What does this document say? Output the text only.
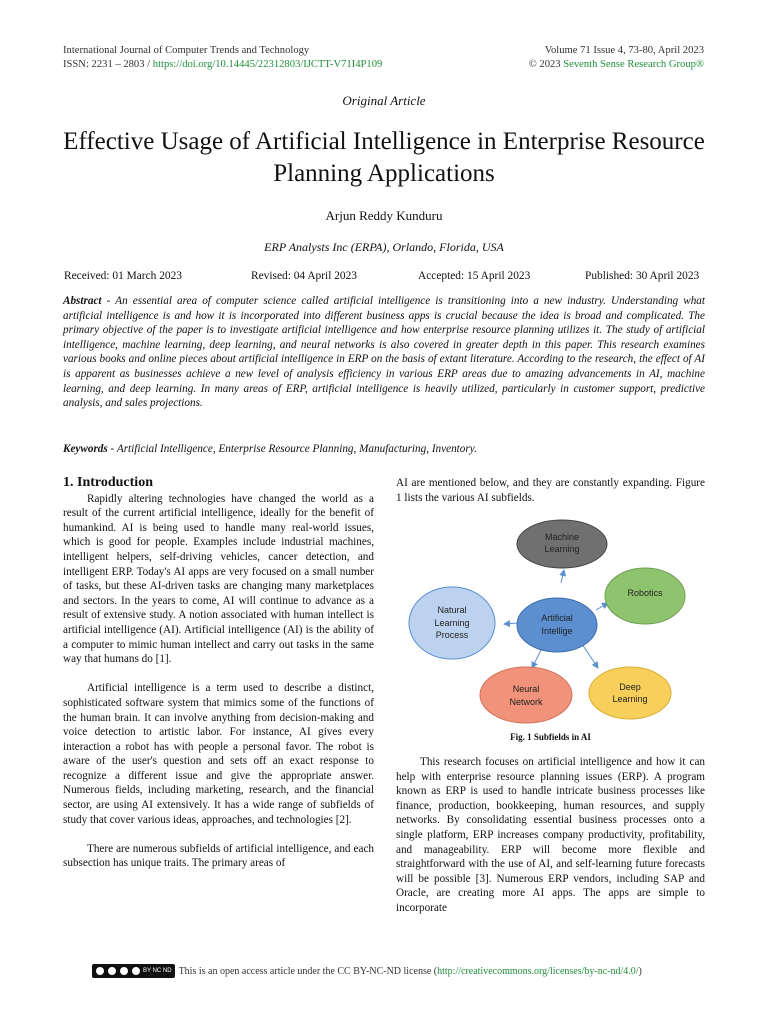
International Journal of Computer Trends and Technology
ISSN: 2231 – 2803 / https://doi.org/10.14445/22312803/IJCTT-V71I4P109
Volume 71 Issue 4, 73-80, April 2023
© 2023 Seventh Sense Research Group®
Original Article
Effective Usage of Artificial Intelligence in Enterprise Resource Planning Applications
Arjun Reddy Kunduru
ERP Analysts Inc (ERPA), Orlando, Florida, USA
Received: 01 March 2023	Revised: 04 April 2023	Accepted: 15 April 2023	Published: 30 April 2023
Abstract - An essential area of computer science called artificial intelligence is transitioning into a new industry. Understanding what artificial intelligence is and how it is incorporated into different business apps is crucial because the idea is broad and complicated. The primary objective of the paper is to investigate artificial intelligence and how enterprise resource planning utilizes it. The study of artificial intelligence, machine learning, deep learning, and neural networks is also covered in greater depth in this paper. This research examines various books and online pieces about artificial intelligence in ERP on the basis of extant literature. According to the research, the effect of AI is apparent as businesses achieve a new level of analysis efficiency in various ERP areas due to amazing advancements in AI, machine learning, and deep learning. In many areas of ERP, artificial intelligence is heavily utilized, particularly in customer support, predictive analysis, and sales projections.
Keywords - Artificial Intelligence, Enterprise Resource Planning, Manufacturing, Inventory.
1. Introduction

Rapidly altering technologies have changed the world as a result of the current artificial intelligence, ideally for the benefit of humankind. AI is being used to handle many real-world issues, which is good for people. Examples include industrial machines, intelligent helpers, self-driving vehicles, cancer detection, and intelligent ERP. Today's AI apps are very focused on a small number of tasks, but these AI-driven tasks are changing many marketplaces and sectors. In the years to come, AI will continue to advance as a result of extensive study. A notion associated with human intellect is artificial intelligence (AI). Artificial intelligence (AI) is the ability of a computer to mimic human intellect and carry out tasks in the same way that humans do [1].

Artificial intelligence is a term used to describe a distinct, sophisticated software system that mimics some of the functions of the human brain. It can involve anything from decision-making and voice detection to artistic labor. For instance, AI gives every interaction a robot has with people a personal favor. The robot is aware of the user's question and sets off an exact response to recognize a different issue and give the appropriate answer. Numerous fields, including marketing, research, and the financial sector, are using AI extensively. It has a wide range of subfields of study that cover various ideas, approaches, and technologies [2].

There are numerous subfields of artificial intelligence, and each subsection has unique traits. The primary areas of

AI are mentioned below, and they are constantly expanding. Figure 1 lists the various AI subfields.

Machine
Learning
Robotics
Natural
Learning
Process
Artificial
Intellige
Neural
Network
Deep
Learning
Fig. 1 Subfields in AI

This research focuses on artificial intelligence and how it can help with enterprise resource planning issues (ERP). A program known as ERP is used to handle intricate business processes like finance, production, bookkeeping, human resources, and supply networks. By consolidating essential business processes onto a single platform, ERP increases company productivity, profitability, and manageability. ERP will become more flexible and straightforward with the use of AI, and self-learning future forecasts will be possible [3]. Numerous ERP vendors, including SAP and Oracle, are creating more AI apps. The apps are simple to incorporate

BY NC ND This is an open access article under the CC BY-NC-ND license (http://creativecommons.org/licenses/by-nc-nd/4.0/)
